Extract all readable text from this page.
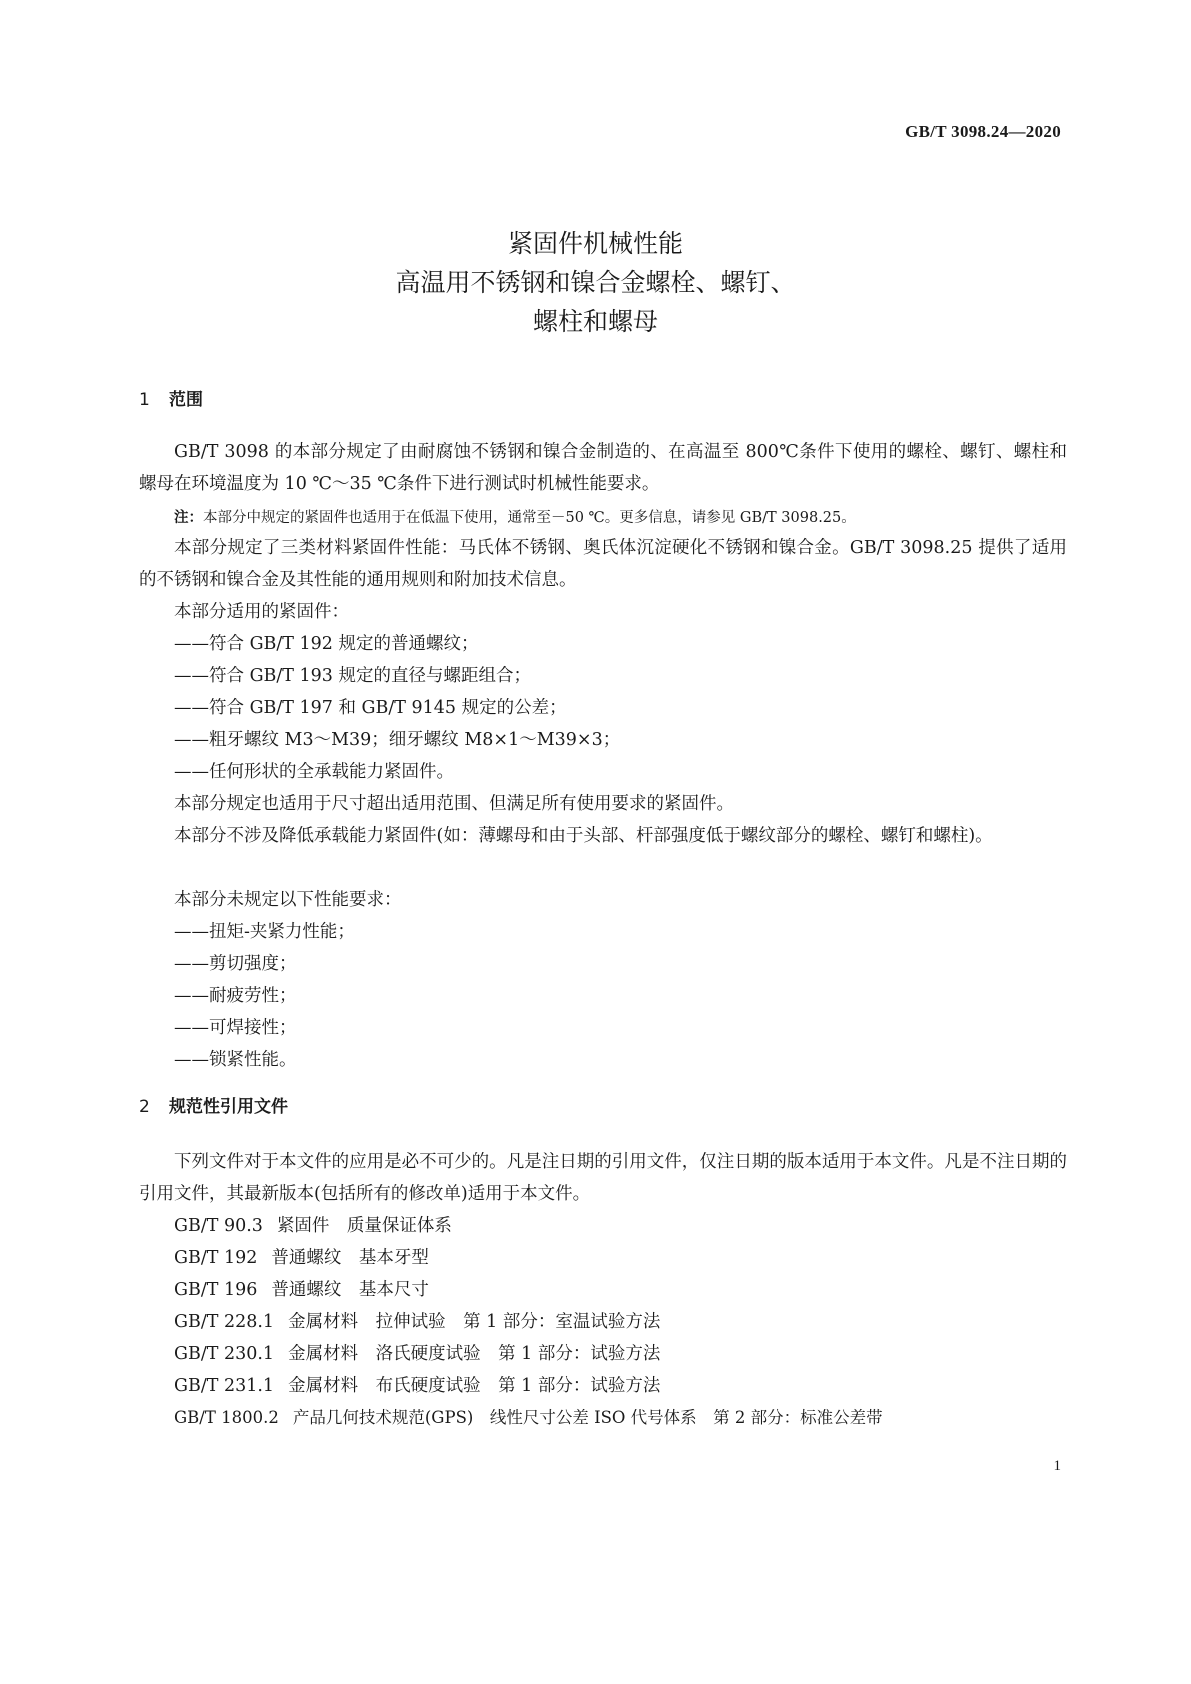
GB/T 3098.24—2020
紧固件机械性能
高温用不锈钢和镍合金螺栓、螺钉、
螺柱和螺母
1 范围
GB/T 3098 的本部分规定了由耐腐蚀不锈钢和镍合金制造的、在高温至 800℃条件下使用的螺栓、螺钉、螺柱和螺母在环境温度为 10 ℃～35 ℃条件下进行测试时机械性能要求。
注：本部分中规定的紧固件也适用于在低温下使用，通常至－50 ℃。更多信息，请参见 GB/T 3098.25。
本部分规定了三类材料紧固件性能：马氏体不锈钢、奥氏体沉淀硬化不锈钢和镍合金。GB/T 3098.25 提供了适用的不锈钢和镍合金及其性能的通用规则和附加技术信息。
本部分适用的紧固件：
——符合 GB/T 192 规定的普通螺纹；
——符合 GB/T 193 规定的直径与螺距组合；
——符合 GB/T 197 和 GB/T 9145 规定的公差；
——粗牙螺纹 M3～M39；细牙螺纹 M8×1～M39×3；
——任何形状的全承载能力紧固件。
本部分规定也适用于尺寸超出适用范围、但满足所有使用要求的紧固件。
本部分不涉及降低承载能力紧固件(如：薄螺母和由于头部、杆部强度低于螺纹部分的螺栓、螺钉和螺柱)。
本部分未规定以下性能要求：
——扭矩-夹紧力性能；
——剪切强度；
——耐疲劳性；
——可焊接性；
——锁紧性能。
2 规范性引用文件
下列文件对于本文件的应用是必不可少的。凡是注日期的引用文件，仅注日期的版本适用于本文件。凡是不注日期的引用文件，其最新版本(包括所有的修改单)适用于本文件。
GB/T 90.3 紧固件　质量保证体系
GB/T 192 普通螺纹　基本牙型
GB/T 196 普通螺纹　基本尺寸
GB/T 228.1 金属材料　拉伸试验　第 1 部分：室温试验方法
GB/T 230.1 金属材料　洛氏硬度试验　第 1 部分：试验方法
GB/T 231.1 金属材料　布氏硬度试验　第 1 部分：试验方法
GB/T 1800.2 产品几何技术规范(GPS)　线性尺寸公差 ISO 代号体系　第 2 部分：标准公差带
1
